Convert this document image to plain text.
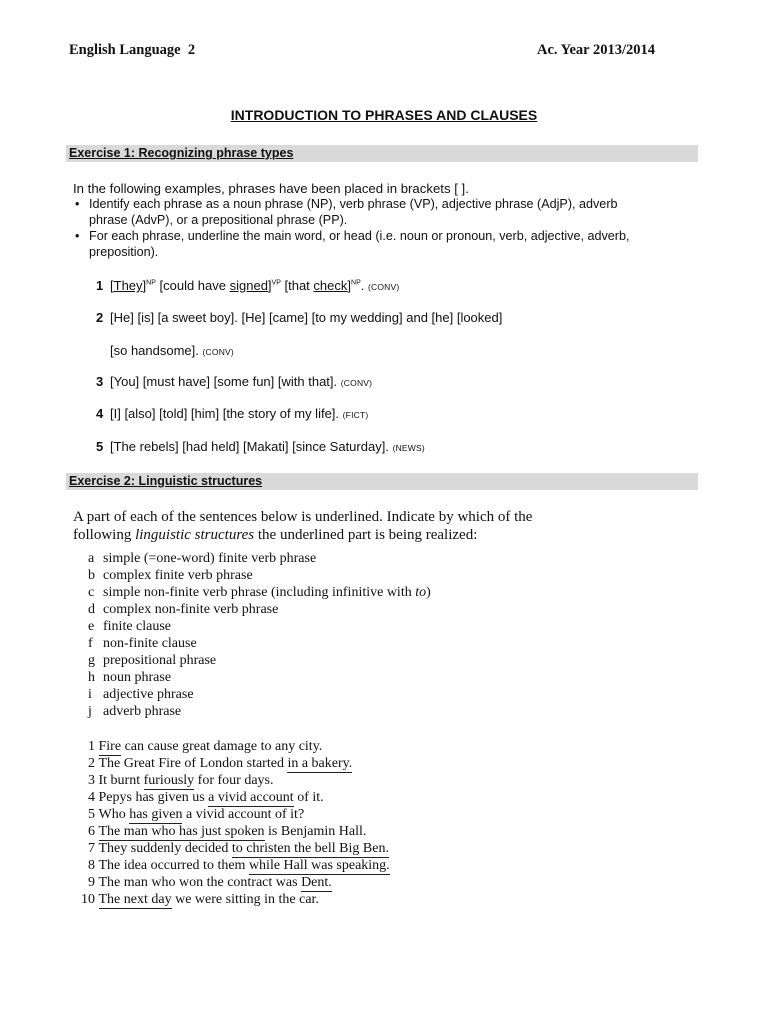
English Language  2	Ac. Year 2013/2014
INTRODUCTION TO PHRASES AND CLAUSES
Exercise 1: Recognizing phrase types
In the following examples, phrases have been placed in brackets [ ].
• Identify each phrase as a noun phrase (NP), verb phrase (VP), adjective phrase (AdjP), adverb phrase (AdvP), or a prepositional phrase (PP).
• For each phrase, underline the main word, or head (i.e. noun or pronoun, verb, adjective, adverb, preposition).
1 [They]$^{NP}$ [could have signed]$^{VP}$ [that check]$^{NP}$. (CONV)
2 [He] [is] [a sweet boy]. [He] [came] [to my wedding] and [he] [looked]
[so handsome]. (CONV)
3 [You] [must have] [some fun] [with that]. (CONV)
4 [I] [also] [told] [him] [the story of my life]. (FICT)
5 [The rebels] [had held] [Makati] [since Saturday]. (NEWS)
Exercise 2: Linguistic structures
A part of each of the sentences below is underlined. Indicate by which of the following linguistic structures the underlined part is being realized:
a simple (=one-word) finite verb phrase
b complex finite verb phrase
c simple non-finite verb phrase (including infinitive with to)
d complex non-finite verb phrase
e finite clause
f non-finite clause
g prepositional phrase
h noun phrase
i adjective phrase
j adverb phrase
1 Fire can cause great damage to any city.
2 The Great Fire of London started in a bakery.
3 It burnt furiously for four days.
4 Pepys has given us a vivid account of it.
5 Who has given a vivid account of it?
6 The man who has just spoken is Benjamin Hall.
7 They suddenly decided to christen the bell Big Ben.
8 The idea occurred to them while Hall was speaking.
9 The man who won the contract was Dent.
10 The next day we were sitting in the car.
